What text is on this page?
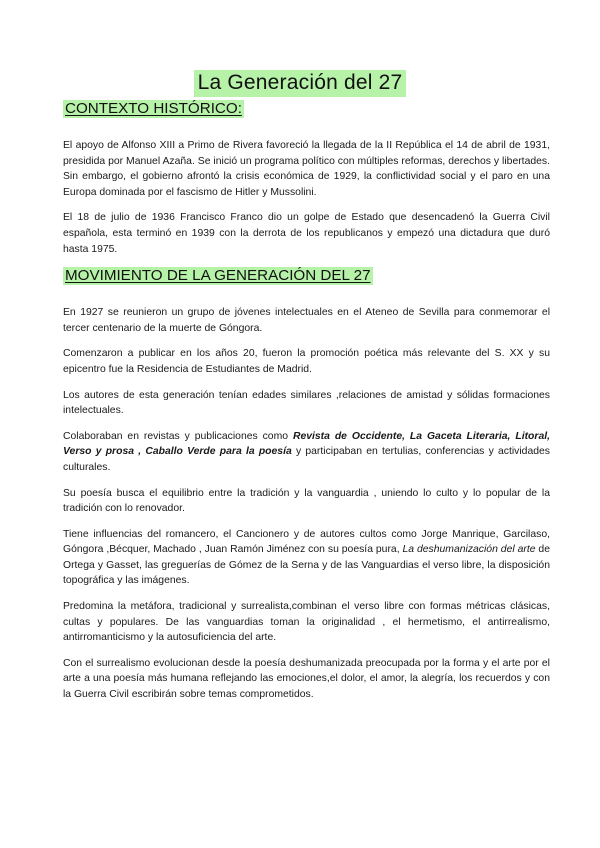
La Generación del 27
CONTEXTO HISTÓRICO:

El apoyo de Alfonso XIII a Primo de Rivera favoreció la llegada de la II República el 14 de abril de 1931, presidida por Manuel Azaña. Se inició un programa político con múltiples reformas, derechos y libertades. Sin embargo, el gobierno afrontó la crisis económica de 1929, la conflictividad social y el paro en una Europa dominada por el fascismo de Hitler y Mussolini.

El 18 de julio de 1936 Francisco Franco dio un golpe de Estado que desencadenó la Guerra Civil española, esta terminó en 1939 con la derrota de los republicanos y empezó una dictadura que duró hasta 1975.

MOVIMIENTO DE LA GENERACIÓN DEL 27

En 1927 se reunieron un grupo de jóvenes intelectuales en el Ateneo de Sevilla para conmemorar el tercer centenario de la muerte de Góngora.

Comenzaron a publicar en los años 20, fueron la promoción poética más relevante del S. XX y su epicentro fue la Residencia de Estudiantes de Madrid.

Los autores de esta generación tenían edades similares ,relaciones de amistad y sólidas formaciones intelectuales.

Colaboraban en revistas y publicaciones como Revista de Occidente, La Gaceta Literaria, Litoral, Verso y prosa , Caballo Verde para la poesía y participaban en tertulias, conferencias y actividades culturales.

Su poesía busca el equilibrio entre la tradición y la vanguardia , uniendo lo culto y lo popular de la tradición con lo renovador.

Tiene influencias del romancero, el Cancionero y de autores cultos como Jorge Manrique, Garcilaso, Góngora ,Bécquer, Machado , Juan Ramón Jiménez con su poesía pura, La deshumanización del arte de Ortega y Gasset, las greguerías de Gómez de la Serna y de las Vanguardias el verso libre, la disposición topográfica y las imágenes.

Predomina la metáfora, tradicional y surrealista,combinan el verso libre con formas métricas clásicas, cultas y populares. De las vanguardias toman la originalidad , el hermetismo, el antirrealismo, antirromanticismo y la autosuficiencia del arte.

Con el surrealismo evolucionan desde la poesía deshumanizada preocupada por la forma y el arte por el arte a una poesía más humana reflejando las emociones,el dolor, el amor, la alegría, los recuerdos y con la Guerra Civil escribirán sobre temas comprometidos.
